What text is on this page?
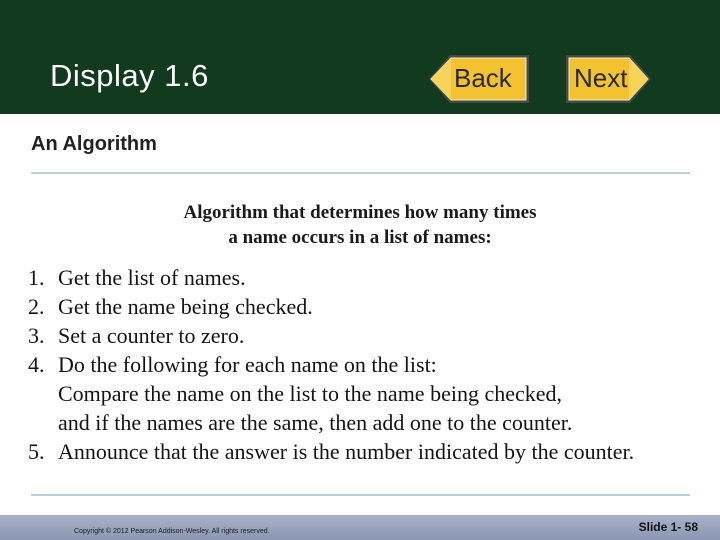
Display 1.6	Back Next
An Algorithm
Algorithm that determines how many times
a name occurs in a list of names:
1. Get the list of names.
2. Get the name being checked.
3. Set a counter to zero.
4. Do the following for each name on the list:
Compare the name on the list to the name being checked,
and if the names are the same, then add one to the counter.
5. Announce that the answer is the number indicated by the counter.
Copyright © 2012 Pearson Addison-Wesley. All rights reserved.	Slide 1- 58
